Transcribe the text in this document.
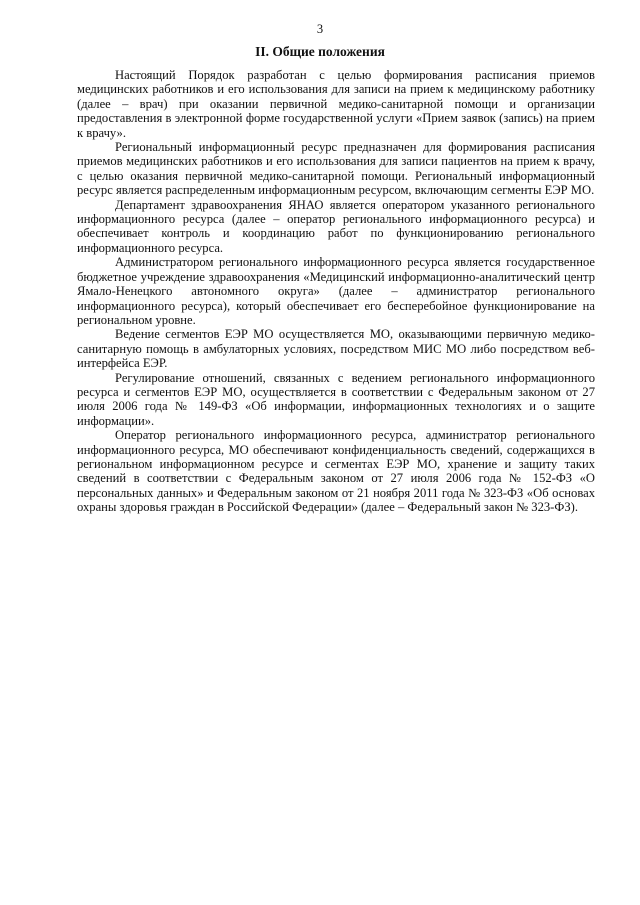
3
II. Общие положения

Настоящий Порядок разработан с целью формирования расписания приемов медицинских работников и его использования для записи на прием к медицинскому работнику (далее – врач) при оказании первичной медико-санитарной помощи и организации предоставления в электронной форме государственной услуги «Прием заявок (запись) на прием к врачу».

Региональный информационный ресурс предназначен для формирования расписания приемов медицинских работников и его использования для записи пациентов на прием к врачу, с целью оказания первичной медико-санитарной помощи. Региональный информационный ресурс является распределенным информационным ресурсом, включающим сегменты ЕЭР МО.

Департамент здравоохранения ЯНАО является оператором указанного регионального информационного ресурса (далее – оператор регионального информационного ресурса) и обеспечивает контроль и координацию работ по функционированию регионального информационного ресурса.

Администратором регионального информационного ресурса является государственное бюджетное учреждение здравоохранения «Медицинский информационно-аналитический центр Ямало-Ненецкого автономного округа» (далее – администратор регионального информационного ресурса), который обеспечивает его бесперебойное функционирование на региональном уровне.

Ведение сегментов ЕЭР МО осуществляется МО, оказывающими первичную медико-санитарную помощь в амбулаторных условиях, посредством МИС МО либо посредством веб-интерфейса ЕЭР.

Регулирование отношений, связанных с ведением регионального информационного ресурса и сегментов ЕЭР МО, осуществляется в соответствии с Федеральным законом от 27 июля 2006 года № 149-ФЗ «Об информации, информационных технологиях и о защите информации».

Оператор регионального информационного ресурса, администратор регионального информационного ресурса, МО обеспечивают конфиденциальность сведений, содержащихся в региональном информационном ресурсе и сегментах ЕЭР МО, хранение и защиту таких сведений в соответствии с Федеральным законом от 27 июля 2006 года № 152-ФЗ «О персональных данных» и Федеральным законом от 21 ноября 2011 года № 323-ФЗ «Об основах охраны здоровья граждан в Российской Федерации» (далее – Федеральный закон № 323-ФЗ).
